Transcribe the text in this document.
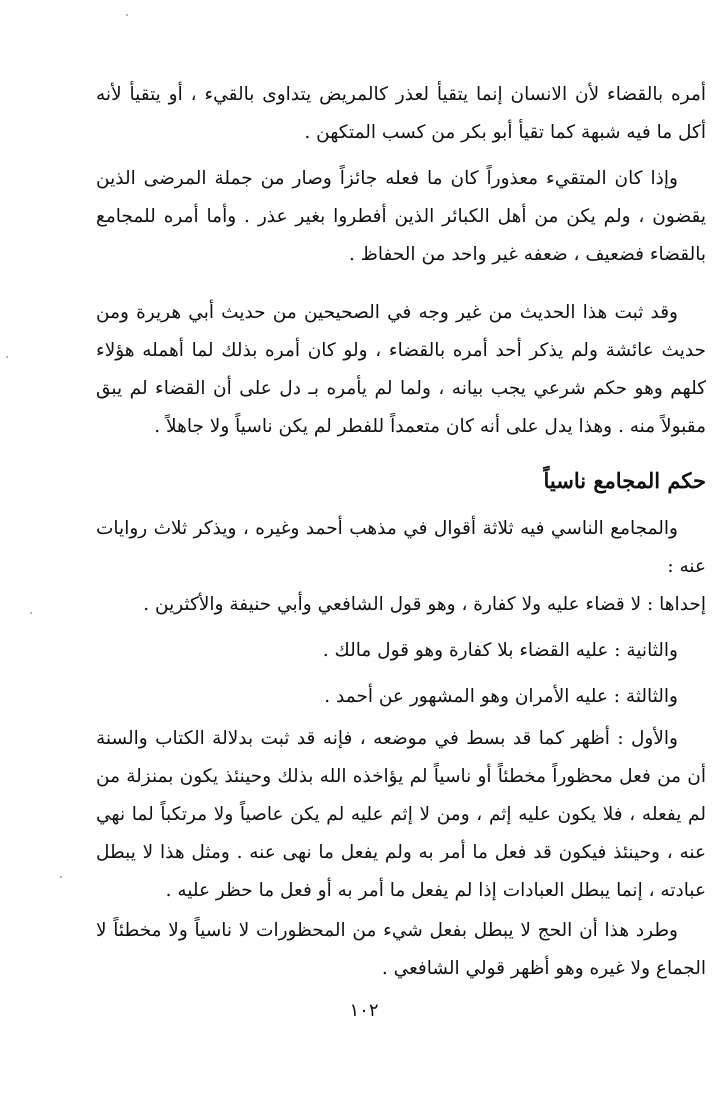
أمره بالقضاء لأن الانسان إنما يتقيأ لعذر كالمريض يتداوى بالقيء ، أو يتقيأ لأنه أكل ما فيه شبهة كما تقيأ أبو بكر من كسب المتكهن .

وإذا كان المتقيء معذوراً كان ما فعله جائزاً وصار من جملة المرضى الذين يقضون ، ولم يكن من أهل الكبائر الذين أفطروا بغير عذر . وأما أمره للمجامع بالقضاء فضعيف ، ضعفه غير واحد من الحفاظ .

وقد ثبت هذا الحديث من غير وجه في الصحيحين من حديث أبي هريرة ومن حديث عائشة ولم يذكر أحد أمره بالقضاء ، ولو كان أمره بذلك لما أهمله هؤلاء كلهم وهو حكم شرعي يجب بيانه ، ولما لم يأمره بـ دل على أن القضاء لم يبق مقبولاً منه . وهذا يدل على أنه كان متعمداً للفطر لم يكن ناسياً ولا جاهلاً .

حكم المجامع ناسياً

والمجامع الناسي فيه ثلاثة أقوال في مذهب أحمد وغيره ، ويذكر ثلاث روايات عنه :

إحداها : لا قضاء عليه ولا كفارة ، وهو قول الشافعي وأبي حنيفة والأكثرين .

والثانية : عليه القضاء بلا كفارة وهو قول مالك .

والثالثة : عليه الأمران وهو المشهور عن أحمد .

والأول : أظهر كما قد بسط في موضعه ، فإنه قد ثبت بدلالة الكتاب والسنة أن من فعل محظوراً مخطئاً أو ناسياً لم يؤاخذه الله بذلك وحينئذ يكون بمنزلة من لم يفعله ، فلا يكون عليه إثم ، ومن لا إثم عليه لم يكن عاصياً ولا مرتكباً لما نهي عنه ، وحينئذ فيكون قد فعل ما أمر به ولم يفعل ما نهى عنه . ومثل هذا لا يبطل عبادته ، إنما يبطل العبادات إذا لم يفعل ما أمر به أو فعل ما حظر عليه .

وطرد هذا أن الحج لا يبطل بفعل شيء من المحظورات لا ناسياً ولا مخطئاً لا الجماع ولا غيره وهو أظهر قولي الشافعي .

١٠٢
